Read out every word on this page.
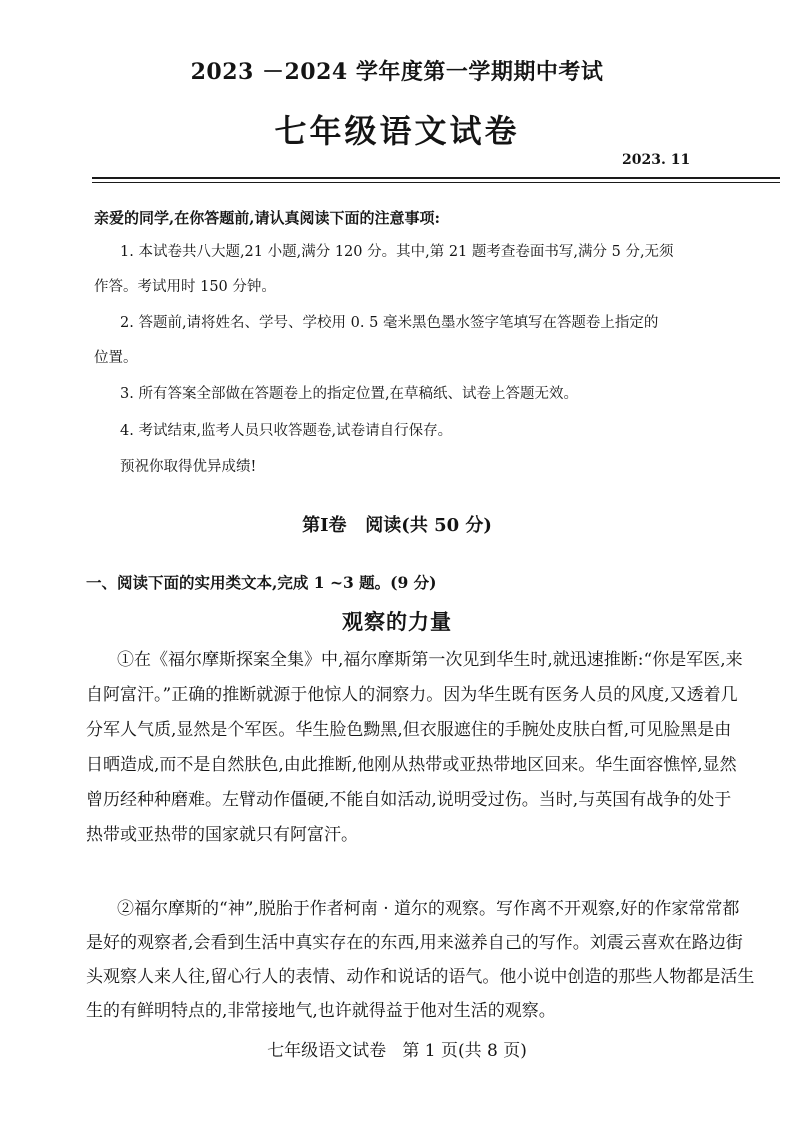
2023 －2024 学年度第一学期期中考试
七年级语文试卷
2023. 11
亲爱的同学,在你答题前,请认真阅读下面的注意事项:
1. 本试卷共八大题,21 小题,满分 120 分。其中,第 21 题考查卷面书写,满分 5 分,无须
作答。考试用时 150 分钟。
2. 答题前,请将姓名、学号、学校用 0. 5 毫米黑色墨水签字笔填写在答题卷上指定的
位置。
3. 所有答案全部做在答题卷上的指定位置,在草稿纸、试卷上答题无效。
4. 考试结束,监考人员只收答题卷,试卷请自行保存。
预祝你取得优异成绩!
第Ⅰ卷   阅读(共 50 分)
一、阅读下面的实用类文本,完成 1 ~3 题。(9 分)
观察的力量
①在《福尔摩斯探案全集》中,福尔摩斯第一次见到华生时,就迅速推断:“你是军医,来
自阿富汗。”正确的推断就源于他惊人的洞察力。因为华生既有医务人员的风度,又透着几
分军人气质,显然是个军医。华生脸色黝黑,但衣服遮住的手腕处皮肤白皙,可见脸黑是由
日晒造成,而不是自然肤色,由此推断,他刚从热带或亚热带地区回来。华生面容憔悴,显然
曾历经种种磨难。左臂动作僵硬,不能自如活动,说明受过伤。当时,与英国有战争的处于
热带或亚热带的国家就只有阿富汗。
②福尔摩斯的“神”,脱胎于作者柯南 · 道尔的观察。写作离不开观察,好的作家常常都
是好的观察者,会看到生活中真实存在的东西,用来滋养自己的写作。刘震云喜欢在路边街
头观察人来人往,留心行人的表情、动作和说话的语气。他小说中创造的那些人物都是活生
生的有鲜明特点的,非常接地气,也许就得益于他对生活的观察。
七年级语文试卷   第 1 页(共 8 页)
